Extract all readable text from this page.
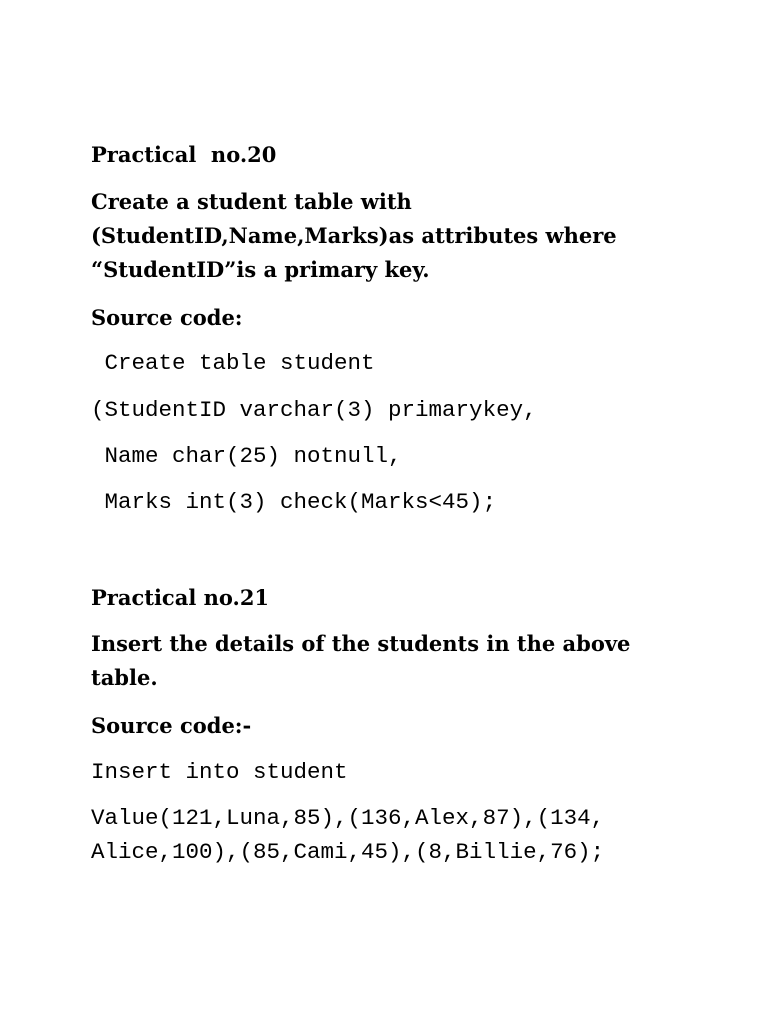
Practical  no.20

Create a student table with
(StudentID,Name,Marks)as attributes where
“StudentID”is a primary key.

Source code:

Create table student

(StudentID varchar(3) primarykey,

Name char(25) notnull,

Marks int(3) check(Marks<45);

Practical no.21

Insert the details of the students in the above
table.

Source code:-

Insert into student

Value(121,Luna,85),(136,Alex,87),(134,
Alice,100),(85,Cami,45),(8,Billie,76);
